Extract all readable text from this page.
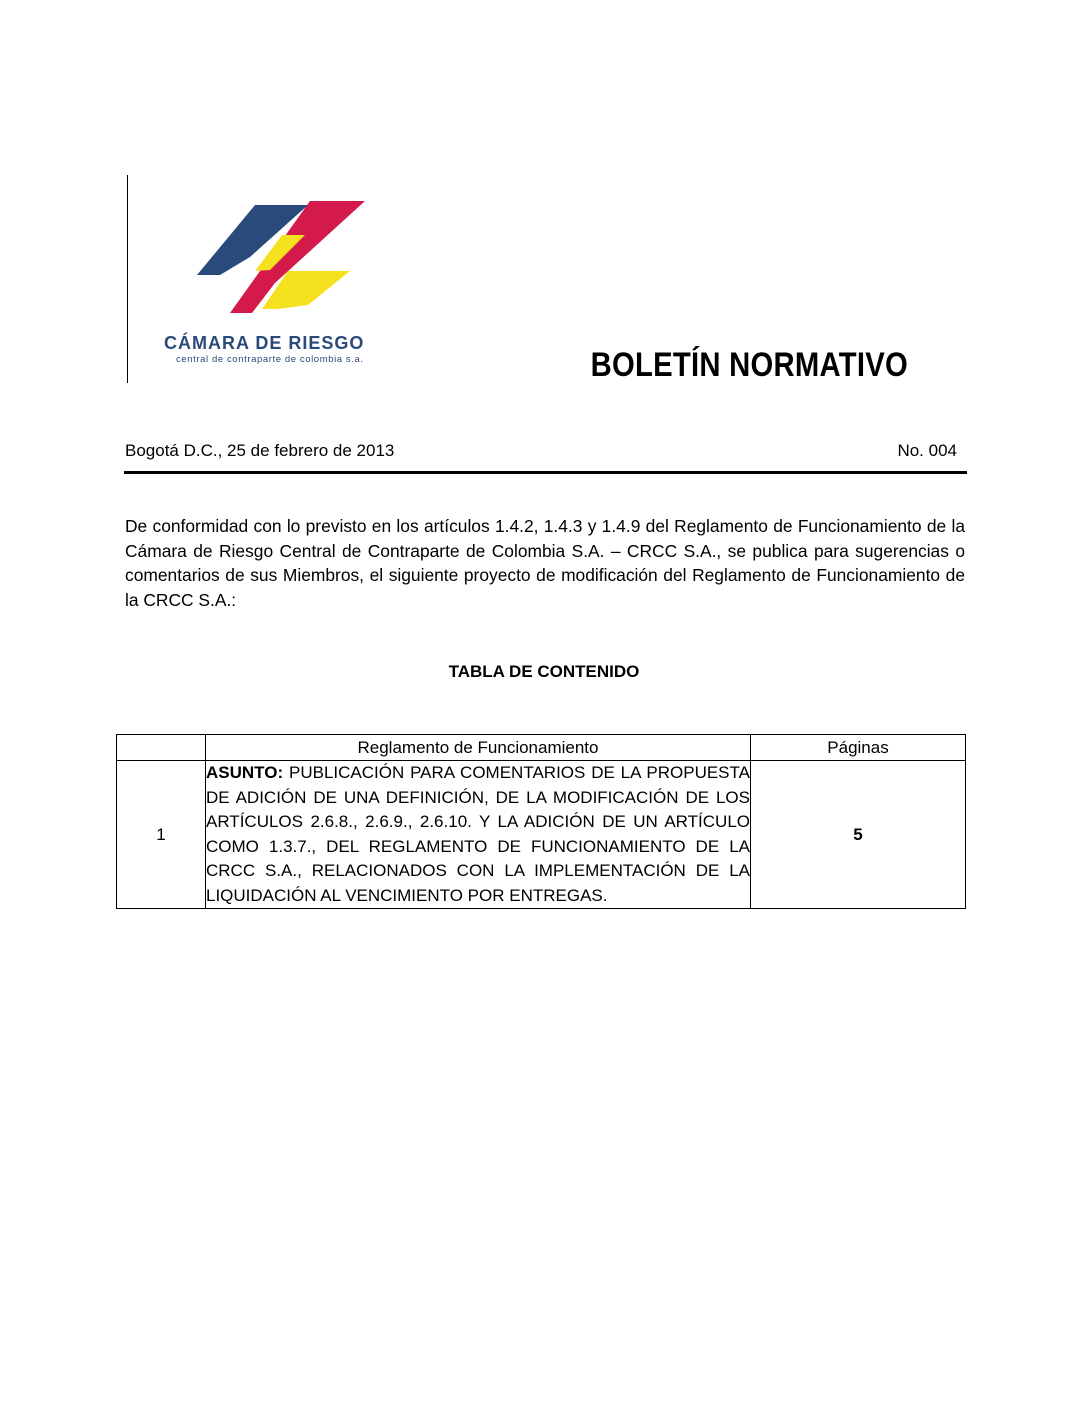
CÁMARA DE RIESGO
central de contraparte de colombia s.a.	BOLETÍN NORMATIVO
Bogotá D.C., 25 de febrero de 2013	No. 004

De conformidad con lo previsto en los artículos 1.4.2, 1.4.3 y 1.4.9 del Reglamento de Funcionamiento de la Cámara de Riesgo Central de Contraparte de Colombia S.A. – CRCC S.A., se publica para sugerencias o comentarios de sus Miembros, el siguiente proyecto de modificación del Reglamento de Funcionamiento de la CRCC S.A.:

TABLA DE CONTENIDO
	Reglamento de Funcionamiento	Páginas
1	ASUNTO: PUBLICACIÓN PARA COMENTARIOS DE LA PROPUESTA DE ADICIÓN DE UNA DEFINICIÓN, DE LA MODIFICACIÓN DE LOS ARTÍCULOS 2.6.8., 2.6.9., 2.6.10. Y LA ADICIÓN DE UN ARTÍCULO COMO 1.3.7., DEL REGLAMENTO DE FUNCIONAMIENTO DE LA CRCC S.A., RELACIONADOS CON LA IMPLEMENTACIÓN DE LA LIQUIDACIÓN AL VENCIMIENTO POR ENTREGAS.	5
